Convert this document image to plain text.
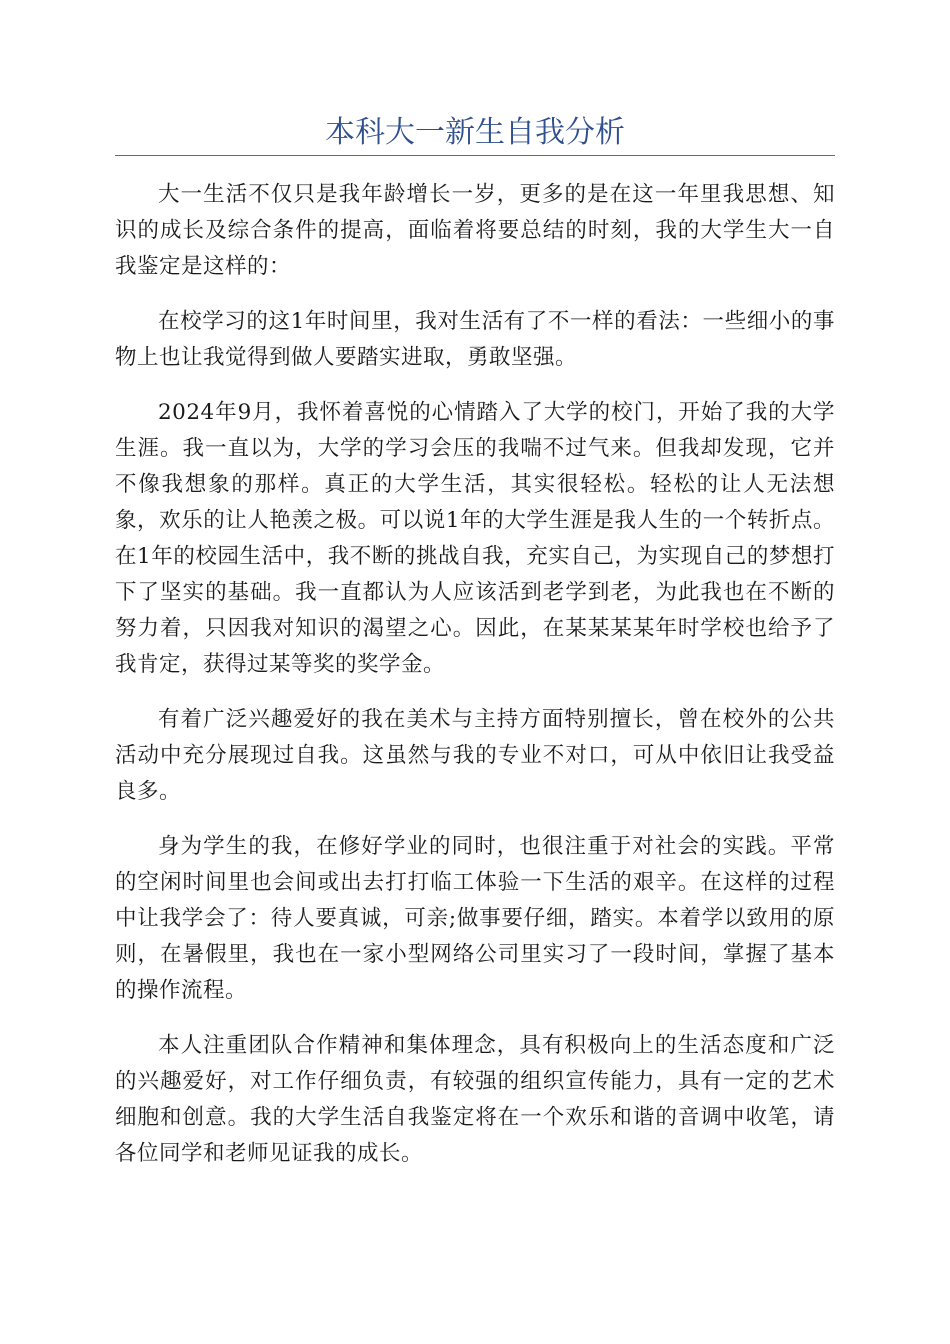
本科大一新生自我分析

大一生活不仅只是我年龄增长一岁，更多的是在这一年里我思想、知识的成长及综合条件的提高，面临着将要总结的时刻，我的大学生大一自我鉴定是这样的：

在校学习的这1年时间里，我对生活有了不一样的看法：一些细小的事物上也让我觉得到做人要踏实进取，勇敢坚强。

2024年9月，我怀着喜悦的心情踏入了大学的校门，开始了我的大学生涯。我一直以为，大学的学习会压的我喘不过气来。但我却发现，它并不像我想象的那样。真正的大学生活，其实很轻松。轻松的让人无法想象，欢乐的让人艳羡之极。可以说1年的大学生涯是我人生的一个转折点。在1年的校园生活中，我不断的挑战自我，充实自己，为实现自己的梦想打下了坚实的基础。我一直都认为人应该活到老学到老，为此我也在不断的努力着，只因我对知识的渴望之心。因此，在某某某某年时学校也给予了我肯定，获得过某等奖的奖学金。

有着广泛兴趣爱好的我在美术与主持方面特别擅长，曾在校外的公共活动中充分展现过自我。这虽然与我的专业不对口，可从中依旧让我受益良多。

身为学生的我，在修好学业的同时，也很注重于对社会的实践。平常的空闲时间里也会间或出去打打临工体验一下生活的艰辛。在这样的过程中让我学会了：待人要真诚，可亲;做事要仔细，踏实。本着学以致用的原则，在暑假里，我也在一家小型网络公司里实习了一段时间，掌握了基本的操作流程。

本人注重团队合作精神和集体理念，具有积极向上的生活态度和广泛的兴趣爱好，对工作仔细负责，有较强的组织宣传能力，具有一定的艺术细胞和创意。我的大学生活自我鉴定将在一个欢乐和谐的音调中收笔，请各位同学和老师见证我的成长。
